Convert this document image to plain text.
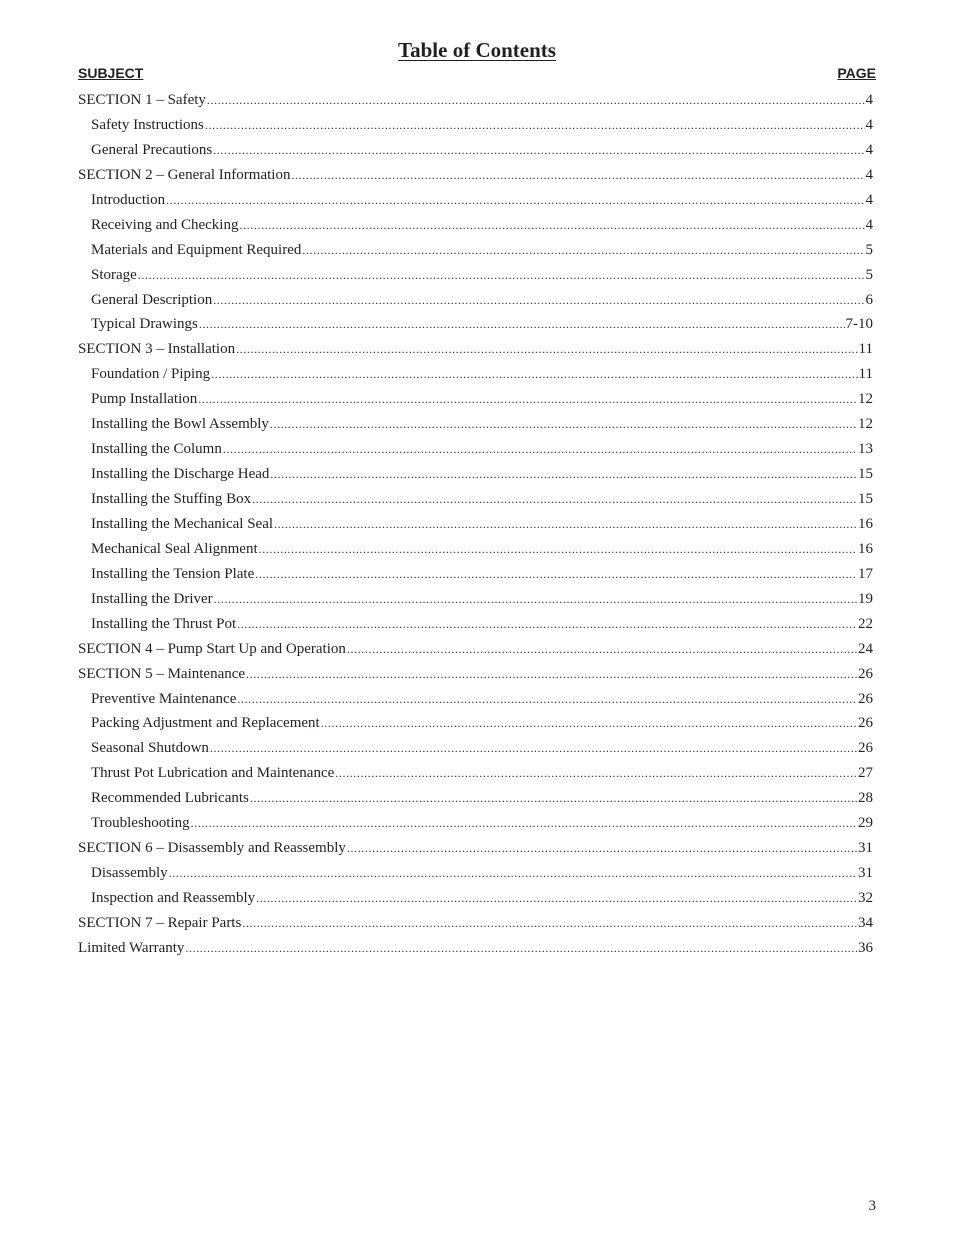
Table of Contents
SUBJECT	PAGE
SECTION 1 – Safety .....	4
Safety Instructions .....	4
General Precautions .....	4
SECTION 2 – General Information .....	4
Introduction .....	4
Receiving and Checking .....	4
Materials and Equipment Required .....	5
Storage .....	5
General Description .....	6
Typical Drawings .....	7-10
SECTION 3 – Installation .....	11
Foundation / Piping .....	11
Pump Installation .....	12
Installing the Bowl Assembly .....	12
Installing the Column .....	13
Installing the Discharge Head .....	15
Installing the Stuffing Box .....	15
Installing the Mechanical Seal .....	16
Mechanical Seal Alignment .....	16
Installing the Tension Plate .....	17
Installing the Driver .....	19
Installing the Thrust Pot .....	22
SECTION 4 – Pump Start Up and Operation .....	24
SECTION 5 – Maintenance .....	26
Preventive Maintenance .....	26
Packing Adjustment and Replacement .....	26
Seasonal Shutdown .....	26
Thrust Pot Lubrication and Maintenance .....	27
Recommended Lubricants .....	28
Troubleshooting .....	29
SECTION 6 – Disassembly and Reassembly .....	31
Disassembly .....	31
Inspection and Reassembly .....	32
SECTION 7 – Repair Parts .....	34
Limited Warranty .....	36
3
